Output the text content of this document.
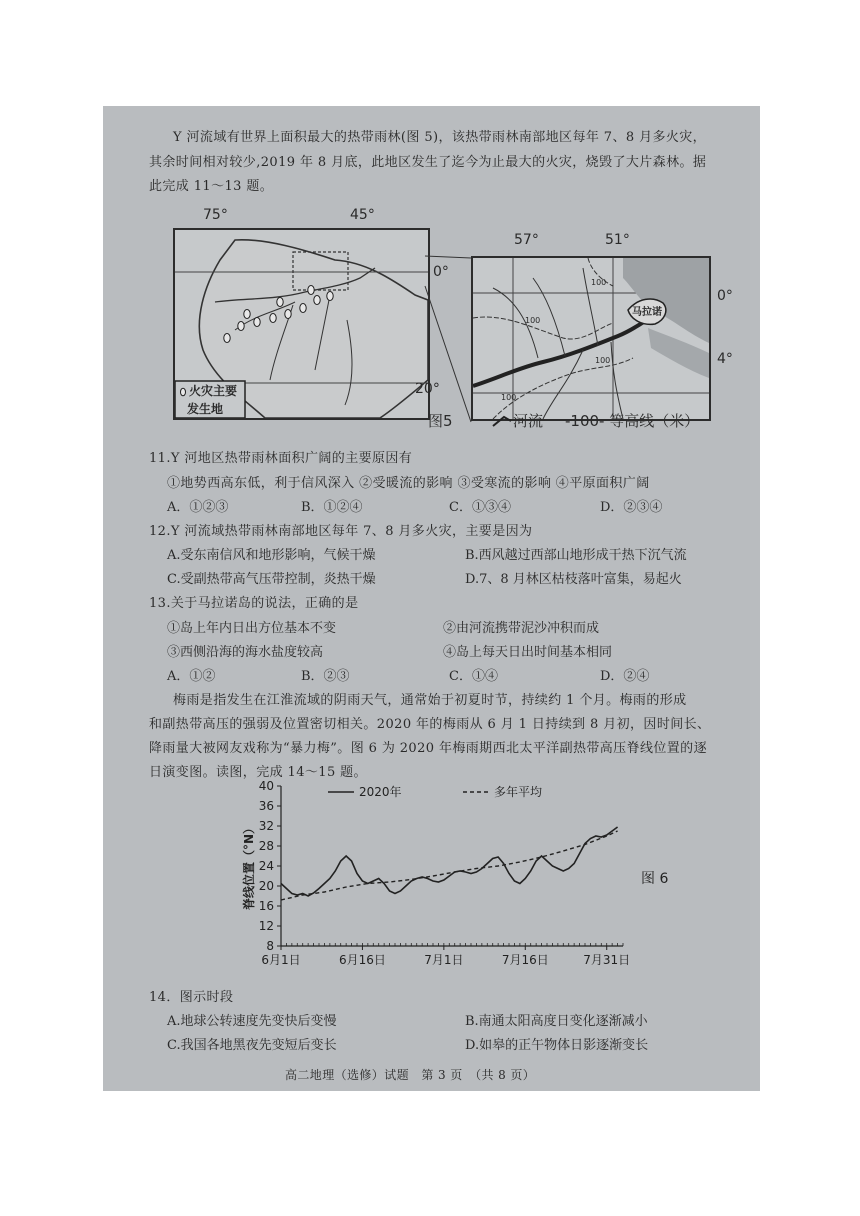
Y 河流域有世界上面积最大的热带雨林(图 5)，该热带雨林南部地区每年 7、8 月多火灾，
其余时间相对较少,2019 年 8 月底，此地区发生了迄今为止最大的火灾，烧毁了大片森林。据
此完成 11～13 题。
75°	45°
火灾主要
发生地
0°
20°
57°	51°
马拉诺
100
100
100
100
0°
4°
图5	河流 -100- 等高线（米）
11.Y 河地区热带雨林面积广阔的主要原因有
①地势西高东低，利于信风深入 ②受暖流的影响 ③受寒流的影响 ④平原面积广阔
A．①②③	B．①②④	C．①③④	D．②③④
12.Y 河流域热带雨林南部地区每年 7、8 月多火灾，主要是因为
A.受东南信风和地形影响，气候干燥	B.西风越过西部山地形成干热下沉气流
C.受副热带高气压带控制，炎热干燥	D.7、8 月林区枯枝落叶富集，易起火
13.关于马拉诺岛的说法，正确的是
①岛上年内日出方位基本不变	②由河流携带泥沙冲积而成
③西侧沿海的海水盐度较高	④岛上每天日出时间基本相同
A．①②	B．②③	C．①④	D．②④
梅雨是指发生在江淮流域的阴雨天气，通常始于初夏时节，持续约 1 个月。梅雨的形成
和副热带高压的强弱及位置密切相关。2020 年的梅雨从 6 月 1 日持续到 8 月初，因时间长、
降雨量大被网友戏称为“暴力梅”。图 6 为 2020 年梅雨期西北太平洋副热带高压脊线位置的逐
日演变图。读图，完成 14～15 题。
8
12
16
20
24
28
32
36
40
6月1日	6月16日	7月1日	7月16日	7月31日
脊线位置（°N）
2020年	多年平均
图 6
14．图示时段
A.地球公转速度先变快后变慢	B.南通太阳高度日变化逐渐减小
C.我国各地黑夜先变短后变长	D.如皋的正午物体日影逐渐变长
高二地理（选修）试题　第 3 页　（共 8 页）
